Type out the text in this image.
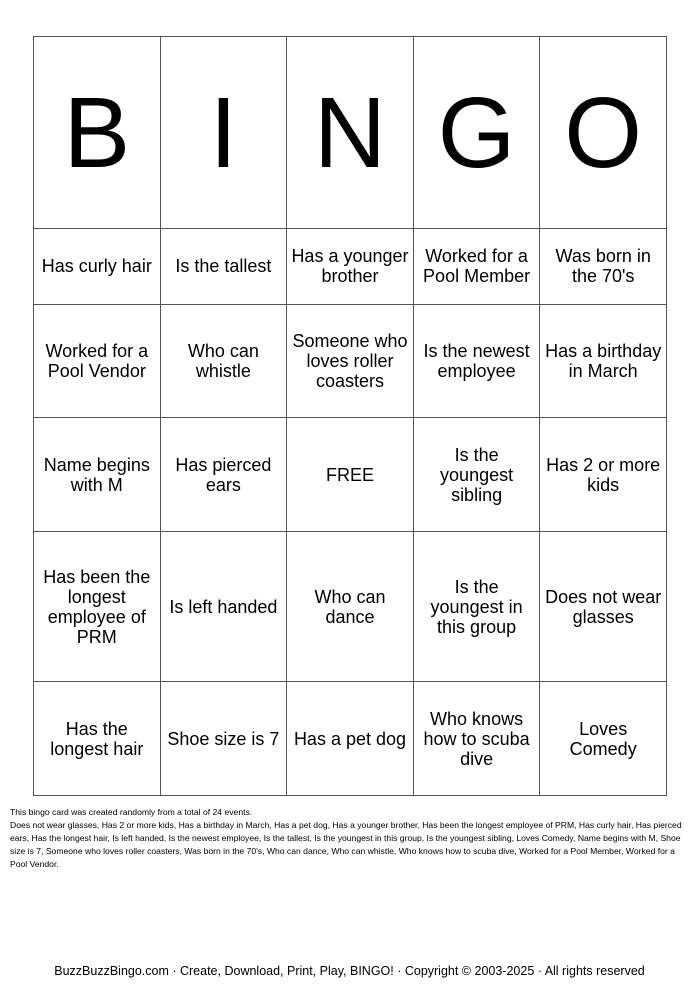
B	I	N	G	O
Has curly hair	Is the tallest	Has a younger brother	Worked for a Pool Member	Was born in the 70's
Worked for a Pool Vendor	Who can whistle	Someone who loves roller coasters	Is the newest employee	Has a birthday in March
Name begins with M	Has pierced ears	FREE	Is the youngest sibling	Has 2 or more kids
Has been the longest employee of PRM	Is left handed	Who can dance	Is the youngest in this group	Does not wear glasses
Has the longest hair	Shoe size is 7	Has a pet dog	Who knows how to scuba dive	Loves Comedy

This bingo card was created randomly from a total of 24 events.

Does not wear glasses, Has 2 or more kids, Has a birthday in March, Has a pet dog, Has a younger brother, Has been the longest employee of PRM, Has curly hair, Has pierced ears, Has the longest hair, Is left handed, Is the newest employee, Is the tallest, Is the youngest in this group, Is the youngest sibling, Loves Comedy, Name begins with M, Shoe size is 7, Someone who loves roller coasters, Was born in the 70's, Who can dance, Who can whistle, Who knows how to scuba dive, Worked for a Pool Member, Worked for a Pool Vendor.

BuzzBuzzBingo.com · Create, Download, Print, Play, BINGO! · Copyright © 2003-2025 · All rights reserved
